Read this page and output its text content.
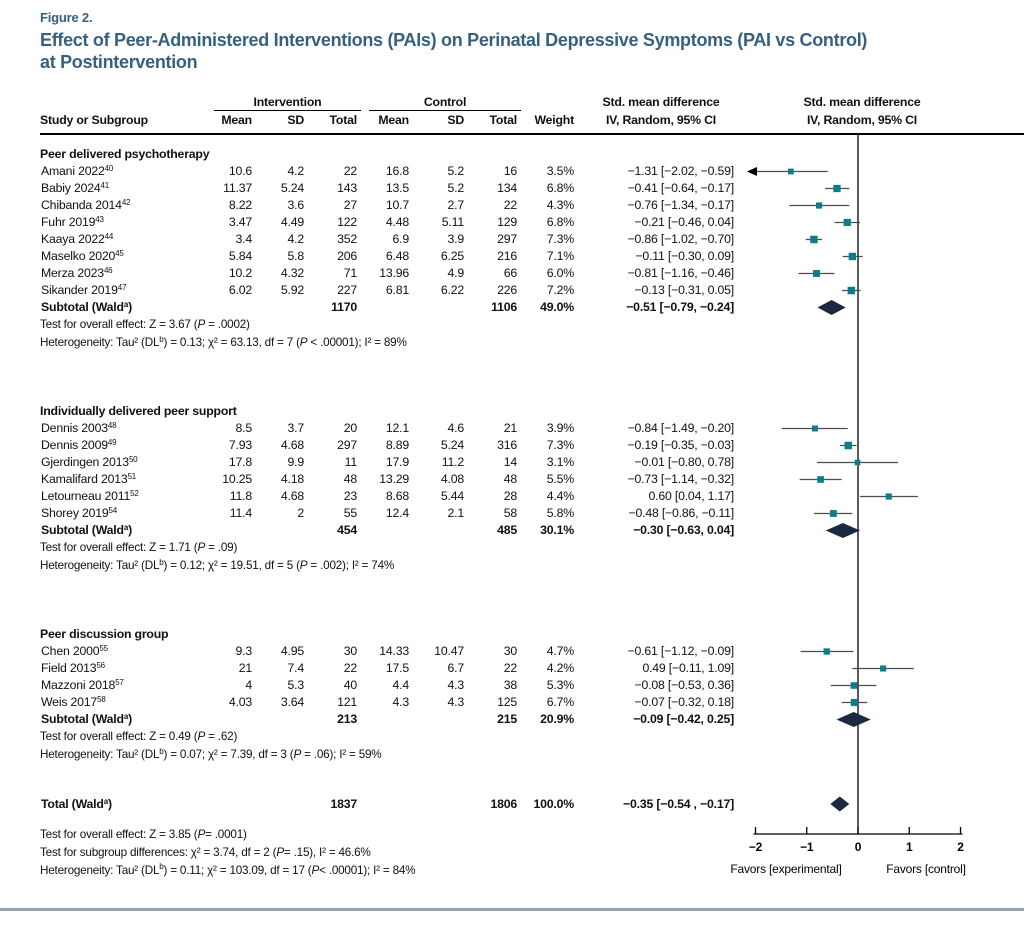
Figure 2.
Effect of Peer-Administered Interventions (PAIs) on Perinatal Depressive Symptoms (PAI vs Control)
at Postintervention
Intervention	Control	Std. mean difference	Std. mean difference
Study or Subgroup	Mean	SD	Total	Mean	SD	Total	Weight	IV, Random, 95% CI	IV, Random, 95% CI
Peer delivered psychotherapy
Amani 2022$^{40}$	10.6	4.2	22	16.8	5.2	16	3.5%	−1.31 [−2.02, −0.59]
Babiy 2024$^{41}$	11.37	5.24	143	13.5	5.2	134	6.8%	−0.41 [−0.64, −0.17]
Chibanda 2014$^{42}$	8.22	3.6	27	10.7	2.7	22	4.3%	−0.76 [−1.34, −0.17]
Fuhr 2019$^{43}$	3.47	4.49	122	4.48	5.11	129	6.8%	−0.21 [−0.46, 0.04]
Kaaya 2022$^{44}$	3.4	4.2	352	6.9	3.9	297	7.3%	−0.86 [−1.02, −0.70]
Maselko 2020$^{45}$	5.84	5.8	206	6.48	6.25	216	7.1%	−0.11 [−0.30, 0.09]
Merza 2023$^{46}$	10.2	4.32	71	13.96	4.9	66	6.0%	−0.81 [−1.16, −0.46]
Sikander 2019$^{47}$	6.02	5.92	227	6.81	6.22	226	7.2%	−0.13 [−0.31, 0.05]
Subtotal (Wald$^a$)	1170	1106	49.0%	−0.51 [−0.79, −0.24]
Test for overall effect: Z = 3.67 (P = .0002)
Heterogeneity: Tau² $(DL^b) = 0.13$; χ² = 63.13, df = 7 (P < .00001); I² = 89%
Individually delivered peer support
Dennis 2003$^{48}$	8.5	3.7	20	12.1	4.6	21	3.9%	−0.84 [−1.49, −0.20]
Dennis 2009$^{49}$	7.93	4.68	297	8.89	5.24	316	7.3%	−0.19 [−0.35, −0.03]
Gjerdingen 2013$^{50}$	17.8	9.9	11	17.9	11.2	14	3.1%	−0.01 [−0.80, 0.78]
Kamalifard 2013$^{51}$	10.25	4.18	48	13.29	4.08	48	5.5%	−0.73 [−1.14, −0.32]
Letourneau 2011$^{52}$	11.8	4.68	23	8.68	5.44	28	4.4%	0.60 [0.04, 1.17]
Shorey 2019$^{54}$	11.4	2	55	12.4	2.1	58	5.8%	−0.48 [−0.86, −0.11]
Subtotal (Wald$^a$)	454	485	30.1%	−0.30 [−0.63, 0.04]
Test for overall effect: Z = 1.71 (P = .09)
Heterogeneity: Tau² $(DL^b) = 0.12$; χ² = 19.51, df = 5 (P = .002); I² = 74%
Peer discussion group
Chen 2000$^{55}$	9.3	4.95	30	14.33	10.47	30	4.7%	−0.61 [−1.12, −0.09]
Field 2013$^{56}$	21	7.4	22	17.5	6.7	22	4.2%	0.49 [−0.11, 1.09]
Mazzoni 2018$^{57}$	4	5.3	40	4.4	4.3	38	5.3%	−0.08 [−0.53, 0.36]
Weis 2017$^{58}$	4.03	3.64	121	4.3	4.3	125	6.7%	−0.07 [−0.32, 0.18]
Subtotal (Wald$^a$)	213	215	20.9%	−0.09 [−0.42, 0.25]
Test for overall effect: Z = 0.49 (P = .62)
Heterogeneity: Tau² $(DL^b) = 0.07$; χ² = 7.39, df = 3 (P = .06); I² = 59%
Total (Wald$^a$)	1837	1806	100.0%	−0.35 [−0.54 , −0.17]
Test for overall effect: Z = 3.85 ( P = .0001)
Test for subgroup differences: χ² = 3.74, df = 2 ( P = .15), I² = 46.6%
Heterogeneity: Tau² ($DL^b$ ) = 0.11; χ² = 103.09, df = 17 ( P < .00001); I² = 84%
−2	−1	0	1	2
Favors [experimental]	Favors [control]
